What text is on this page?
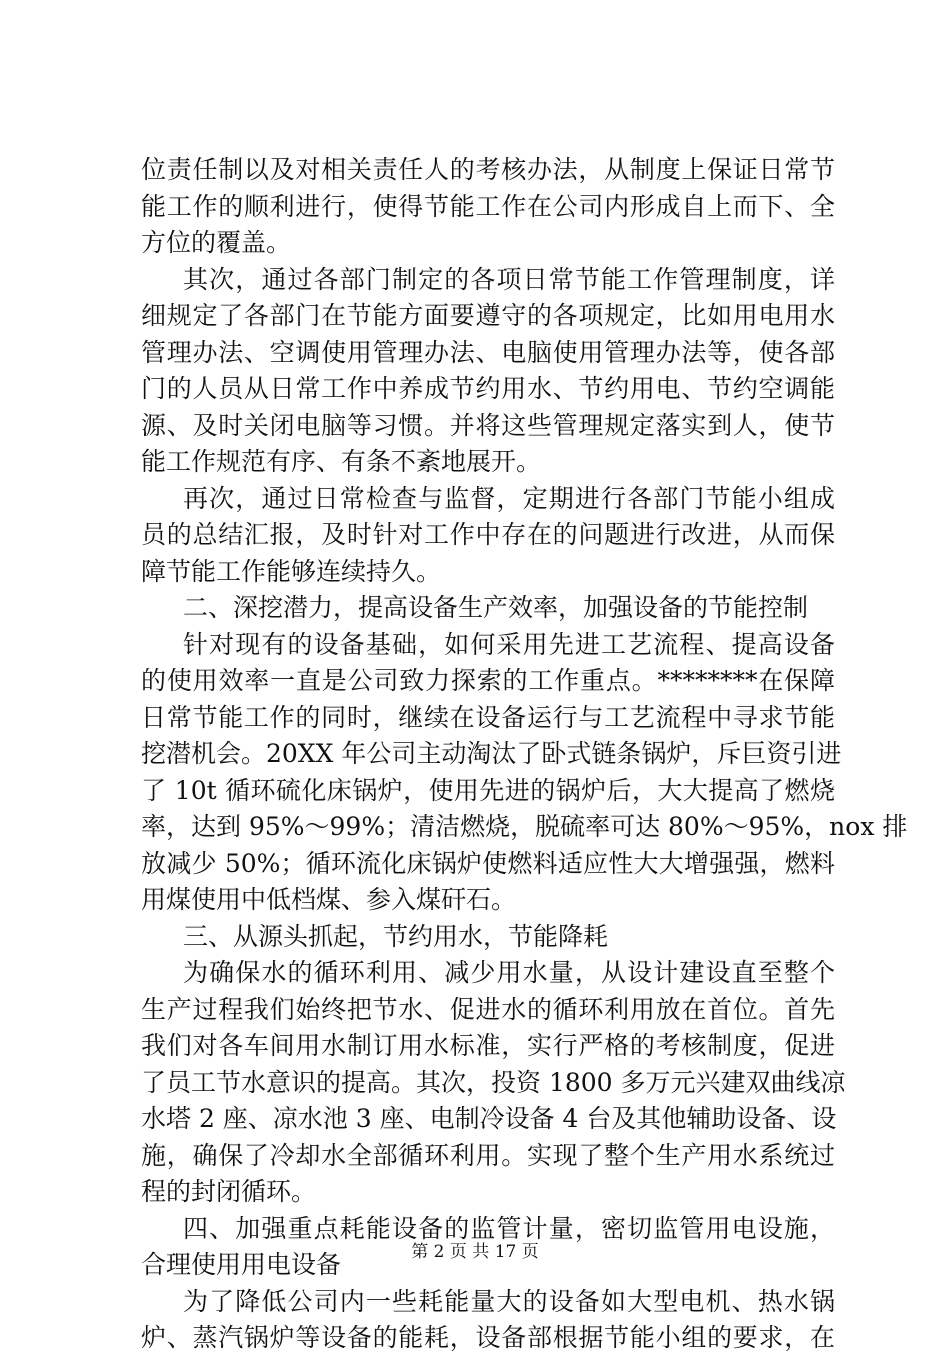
位责任制以及对相关责任人的考核办法，从制度上保证日常节
能工作的顺利进行，使得节能工作在公司内形成自上而下、全
方位的覆盖。
其次，通过各部门制定的各项日常节能工作管理制度，详
细规定了各部门在节能方面要遵守的各项规定，比如用电用水
管理办法、空调使用管理办法、电脑使用管理办法等，使各部
门的人员从日常工作中养成节约用水、节约用电、节约空调能
源、及时关闭电脑等习惯。并将这些管理规定落实到人，使节
能工作规范有序、有条不紊地展开。
再次，通过日常检查与监督，定期进行各部门节能小组成
员的总结汇报，及时针对工作中存在的问题进行改进，从而保
障节能工作能够连续持久。
二、深挖潜力，提高设备生产效率，加强设备的节能控制
针对现有的设备基础，如何采用先进工艺流程、提高设备
的使用效率一直是公司致力探索的工作重点。********在保障
日常节能工作的同时，继续在设备运行与工艺流程中寻求节能
挖潜机会。20XX 年公司主动淘汰了卧式链条锅炉，斥巨资引进
了 10t 循环硫化床锅炉，使用先进的锅炉后，大大提高了燃烧
率，达到 95%～99%；清洁燃烧，脱硫率可达 80%～95%，nox 排
放减少 50%；循环流化床锅炉使燃料适应性大大增强强，燃料
用煤使用中低档煤、参入煤矸石。
三、从源头抓起，节约用水，节能降耗
为确保水的循环利用、减少用水量，从设计建设直至整个
生产过程我们始终把节水、促进水的循环利用放在首位。首先
我们对各车间用水制订用水标准，实行严格的考核制度，促进
了员工节水意识的提高。其次，投资 1800 多万元兴建双曲线凉
水塔 2 座、凉水池 3 座、电制冷设备 4 台及其他辅助设备、设
施，确保了冷却水全部循环利用。实现了整个生产用水系统过
程的封闭循环。
四、加强重点耗能设备的监管计量，密切监管用电设施，
合理使用用电设备
为了降低公司内一些耗能量大的设备如大型电机、热水锅
炉、蒸汽锅炉等设备的能耗，设备部根据节能小组的要求，在
第 2 页 共 17 页
